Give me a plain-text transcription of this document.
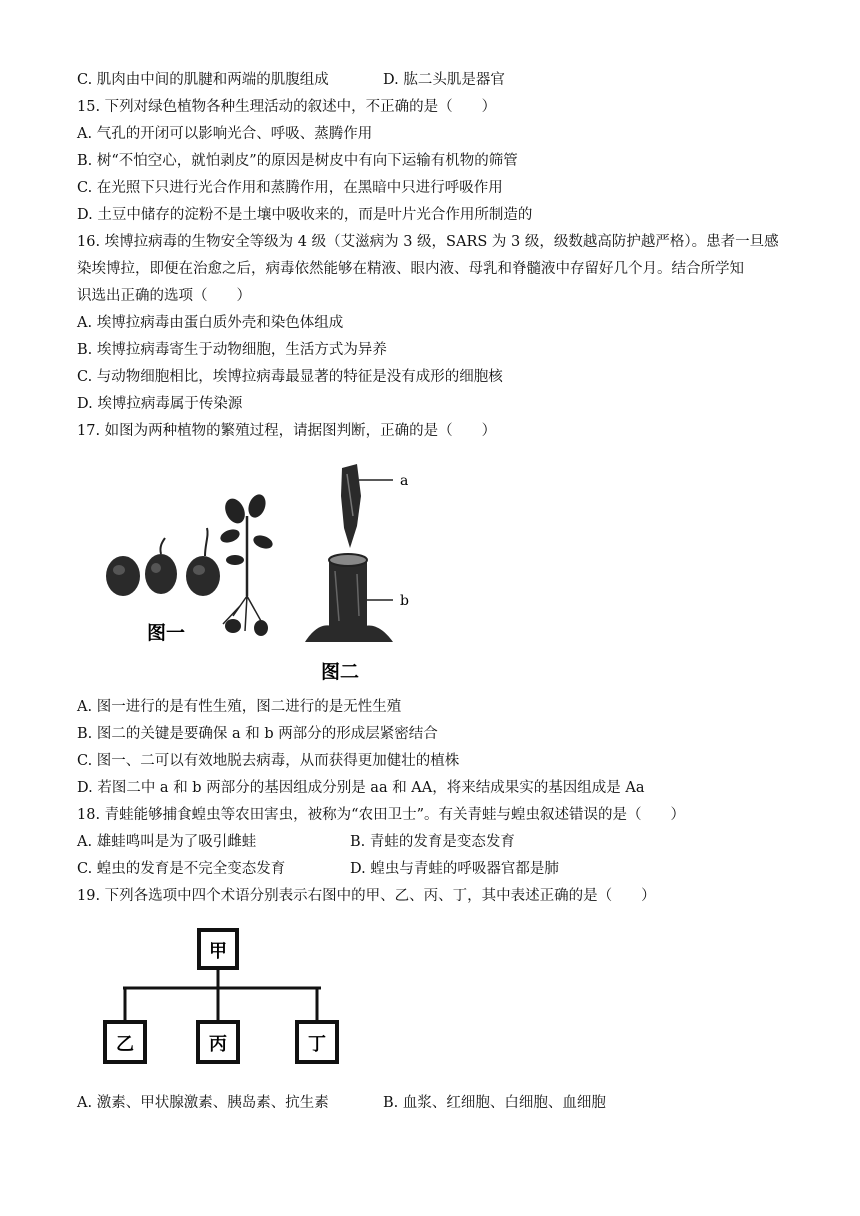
C. 肌肉由中间的肌腱和两端的肌腹组成	D. 肱二头肌是器官
15. 下列对绿色植物各种生理活动的叙述中，不正确的是（　　）
A. 气孔的开闭可以影响光合、呼吸、蒸腾作用
B. 树“不怕空心，就怕剥皮”的原因是树皮中有向下运输有机物的筛管
C. 在光照下只进行光合作用和蒸腾作用，在黑暗中只进行呼吸作用
D. 土豆中储存的淀粉不是土壤中吸收来的，而是叶片光合作用所制造的
16. 埃博拉病毒的生物安全等级为 4 级（艾滋病为 3 级，SARS 为 3 级，级数越高防护越严格）。患者一旦感
染埃博拉，即便在治愈之后，病毒依然能够在精液、眼内液、母乳和脊髓液中存留好几个月。结合所学知
识选出正确的选项（　　）
A. 埃博拉病毒由蛋白质外壳和染色体组成
B. 埃博拉病毒寄生于动物细胞，生活方式为异养
C. 与动物细胞相比，埃博拉病毒最显著的特征是没有成形的细胞核
D. 埃博拉病毒属于传染源
17. 如图为两种植物的繁殖过程，请据图判断，正确的是（　　）
图一
a
b
图二
A. 图一进行的是有性生殖，图二进行的是无性生殖
B. 图二的关键是要确保 a 和 b 两部分的形成层紧密结合
C. 图一、二可以有效地脱去病毒，从而获得更加健壮的植株
D. 若图二中 a 和 b 两部分的基因组成分别是 aa 和 AA，将来结成果实的基因组成是 Aa
18. 青蛙能够捕食蝗虫等农田害虫，被称为“农田卫士”。有关青蛙与蝗虫叙述错误的是（　　）
A. 雄蛙鸣叫是为了吸引雌蛙	B. 青蛙的发育是变态发育
C. 蝗虫的发育是不完全变态发育	D. 蝗虫与青蛙的呼吸器官都是肺
19. 下列各选项中四个术语分别表示右图中的甲、乙、丙、丁，其中表述正确的是（　　）
甲
乙	丙	丁
A. 激素、甲状腺激素、胰岛素、抗生素	B. 血浆、红细胞、白细胞、血细胞
